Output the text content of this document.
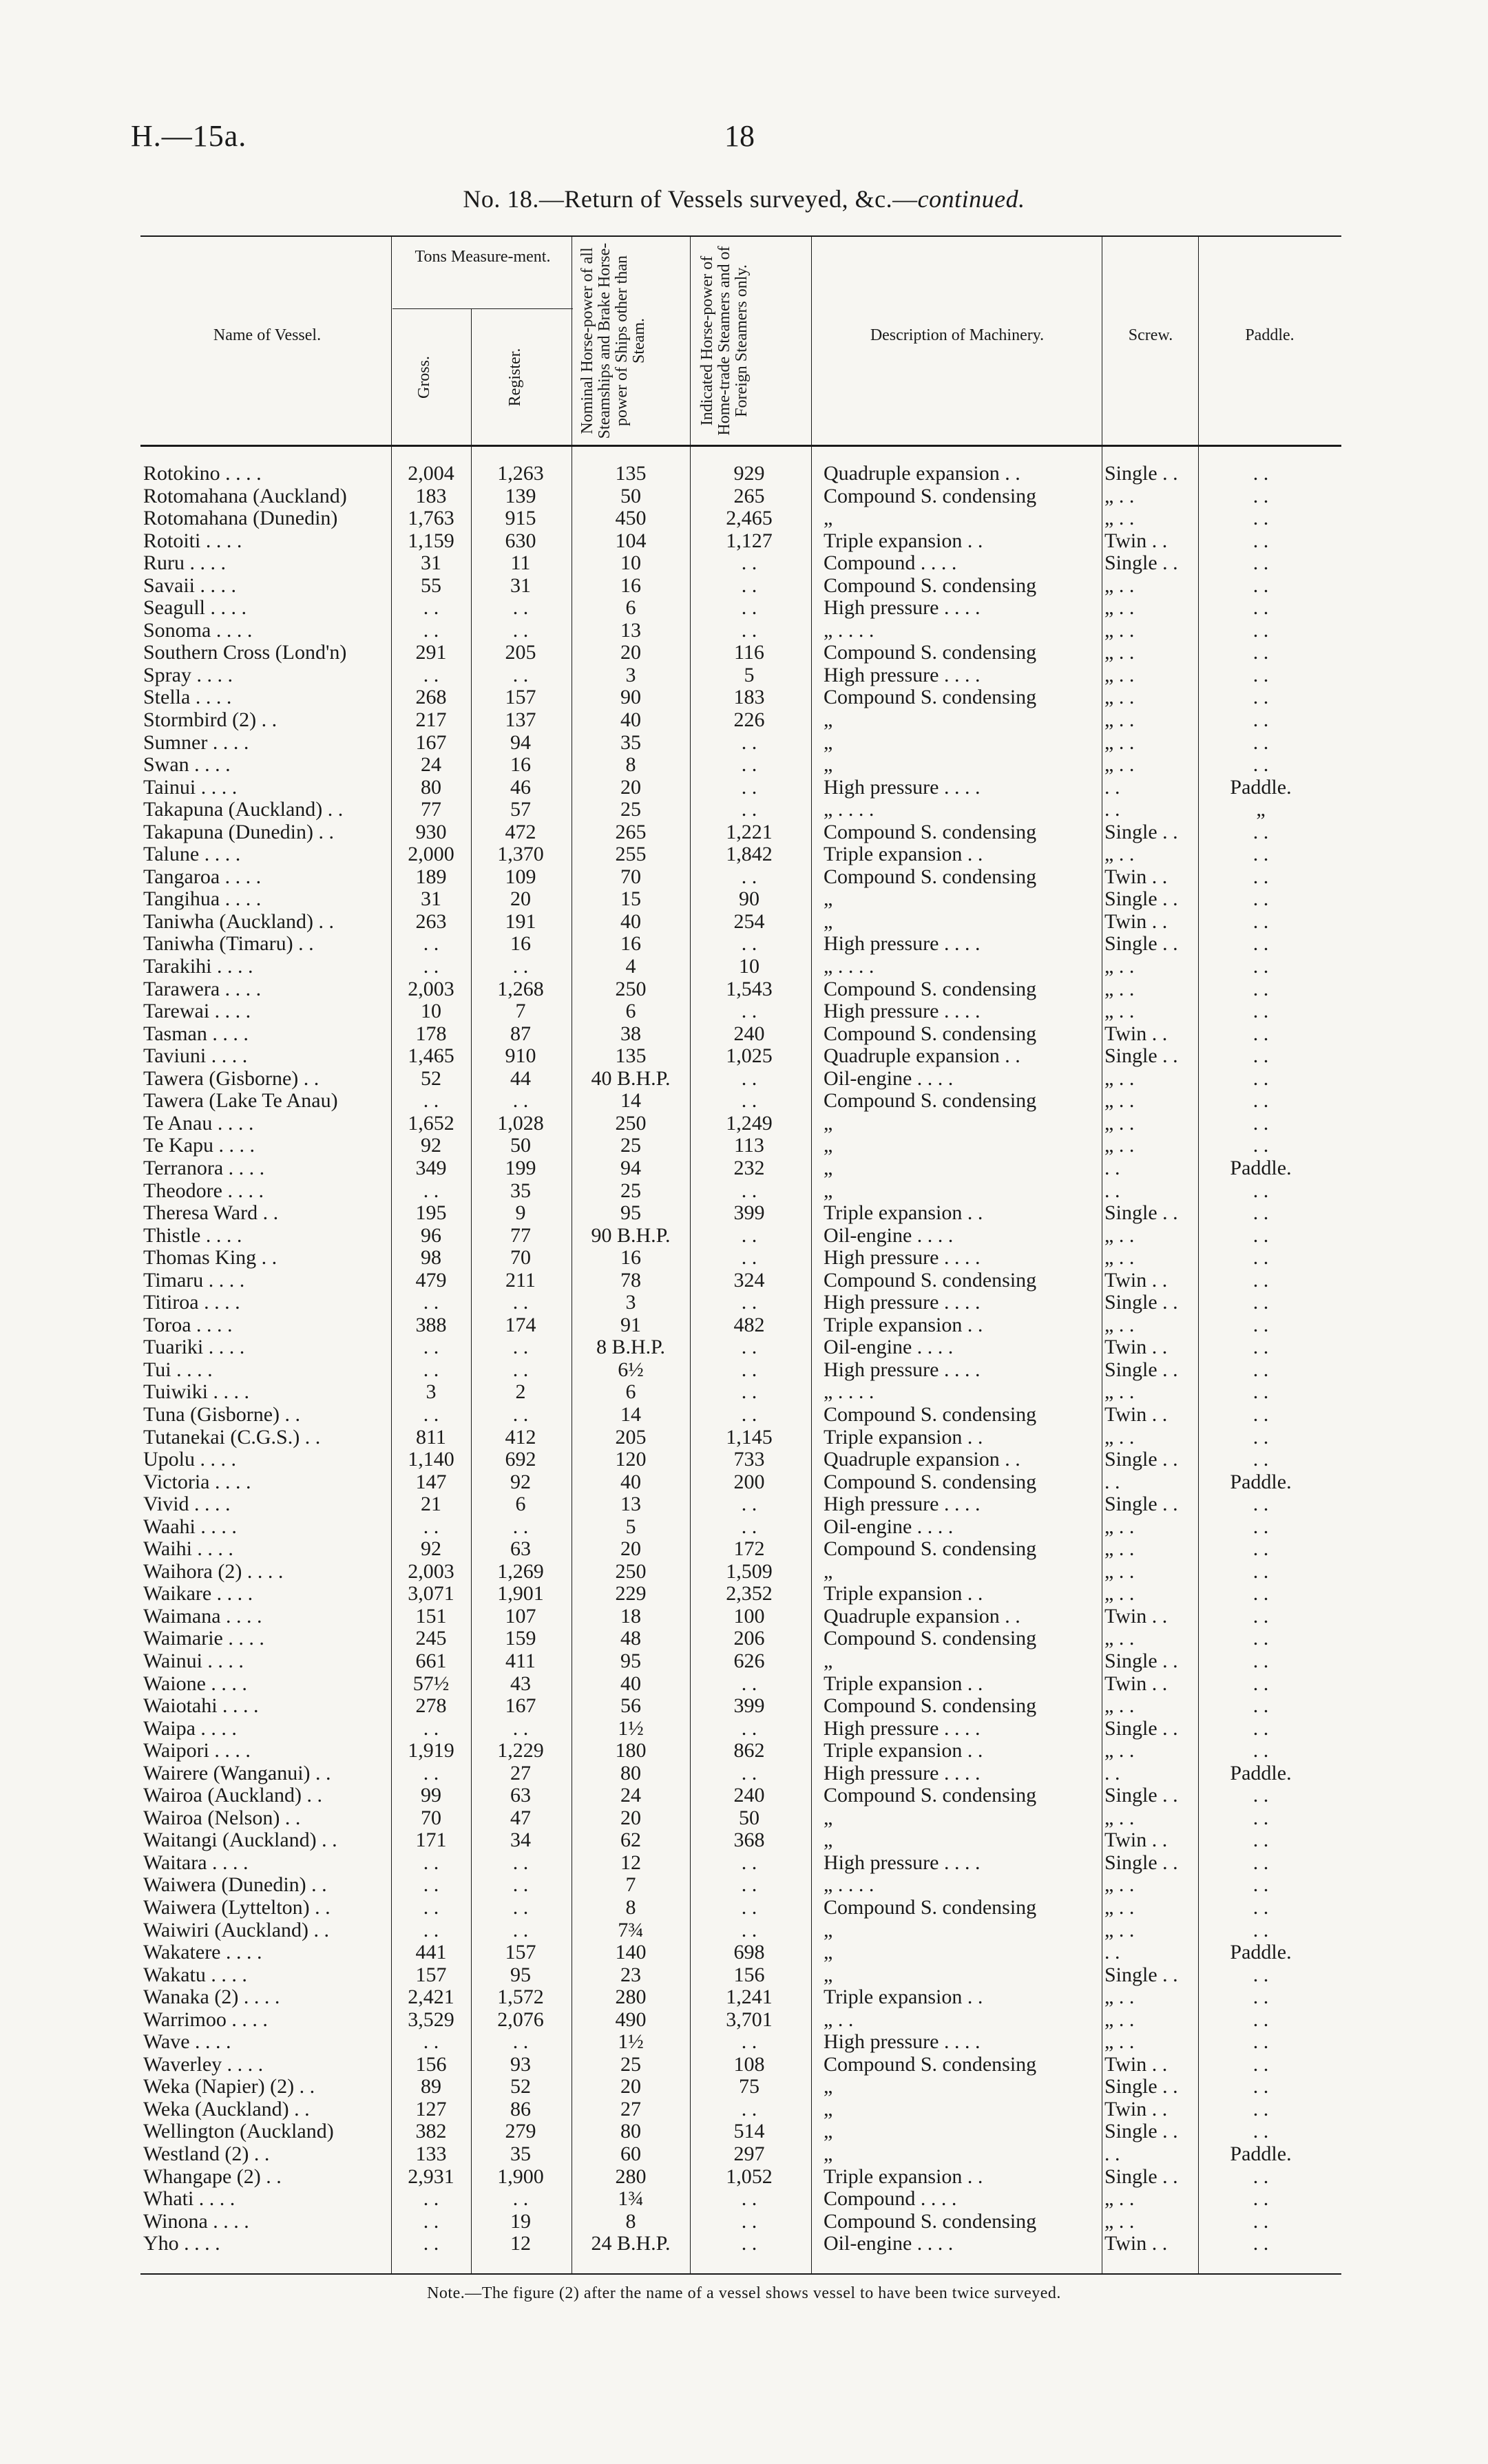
H.—15a.	18
No. 18.—Return of Vessels surveyed, &c.—continued.
Name of Vessel.
Tons Measure-ment.
Gross.	Register.	Nominal Horse-power of all Steamships and Brake Horse-power of Ships other than Steam.	Indicated Horse-power of Home-trade Steamers and of Foreign Steamers only.	Description of Machinery.	Screw.	Paddle.
Rotokino . . . .	2,004	1,263	135	929	Quadruple expansion . .	Single . .	. .
Rotomahana (Auckland)	183	139	50	265	Compound S. condensing	„ . .	. .
Rotomahana (Dunedin)	1,763	915	450	2,465	„	„ . .	. .
Rotoiti . . . .	1,159	630	104	1,127	Triple expansion . .	Twin . .	. .
Ruru . . . .	31	11	10	. .	Compound . . . .	Single . .	. .
Savaii . . . .	55	31	16	. .	Compound S. condensing	„ . .	. .
Seagull . . . .	. .	. .	6	. .	High pressure . . . .	„ . .	. .
Sonoma . . . .	. .	. .	13	. .	„ . . . .	„ . .	. .
Southern Cross (Lond'n)	291	205	20	116	Compound S. condensing	„ . .	. .
Spray . . . .	. .	. .	3	5	High pressure . . . .	„ . .	. .
Stella . . . .	268	157	90	183	Compound S. condensing	„ . .	. .
Stormbird (2) . .	217	137	40	226	„	„ . .	. .
Sumner . . . .	167	94	35	. .	„	„ . .	. .
Swan . . . .	24	16	8	. .	„	„ . .	. .
Tainui . . . .	80	46	20	. .	High pressure . . . .	. .	Paddle.
Takapuna (Auckland) . .	77	57	25	. .	„ . . . .	. .	„
Takapuna (Dunedin) . .	930	472	265	1,221	Compound S. condensing	Single . .	. .
Talune . . . .	2,000	1,370	255	1,842	Triple expansion . .	„ . .	. .
Tangaroa . . . .	189	109	70	. .	Compound S. condensing	Twin . .	. .
Tangihua . . . .	31	20	15	90	„	Single . .	. .
Taniwha (Auckland) . .	263	191	40	254	„	Twin . .	. .
Taniwha (Timaru) . .	. .	16	16	. .	High pressure . . . .	Single . .	. .
Tarakihi . . . .	. .	. .	4	10	„ . . . .	„ . .	. .
Tarawera . . . .	2,003	1,268	250	1,543	Compound S. condensing	„ . .	. .
Tarewai . . . .	10	7	6	. .	High pressure . . . .	„ . .	. .
Tasman . . . .	178	87	38	240	Compound S. condensing	Twin . .	. .
Taviuni . . . .	1,465	910	135	1,025	Quadruple expansion . .	Single . .	. .
Tawera (Gisborne) . .	52	44	40 B.H.P.	. .	Oil-engine . . . .	„ . .	. .
Tawera (Lake Te Anau)	. .	. .	14	. .	Compound S. condensing	„ . .	. .
Te Anau . . . .	1,652	1,028	250	1,249	„	„ . .	. .
Te Kapu . . . .	92	50	25	113	„	„ . .	. .
Terranora . . . .	349	199	94	232	„	. .	Paddle.
Theodore . . . .	. .	35	25	. .	„	. .	. .
Theresa Ward . .	195	9	95	399	Triple expansion . .	Single . .	. .
Thistle . . . .	96	77	90 B.H.P.	. .	Oil-engine . . . .	„ . .	. .
Thomas King . .	98	70	16	. .	High pressure . . . .	„ . .	. .
Timaru . . . .	479	211	78	324	Compound S. condensing	Twin . .	. .
Titiroa . . . .	. .	. .	3	. .	High pressure . . . .	Single . .	. .
Toroa . . . .	388	174	91	482	Triple expansion . .	„ . .	. .
Tuariki . . . .	. .	. .	8 B.H.P.	. .	Oil-engine . . . .	Twin . .	. .
Tui . . . .	. .	. .	6½	. .	High pressure . . . .	Single . .	. .
Tuiwiki . . . .	3	2	6	. .	„ . . . .	„ . .	. .
Tuna (Gisborne) . .	. .	. .	14	. .	Compound S. condensing	Twin . .	. .
Tutanekai (C.G.S.) . .	811	412	205	1,145	Triple expansion . .	„ . .	. .
Upolu . . . .	1,140	692	120	733	Quadruple expansion . .	Single . .	. .
Victoria . . . .	147	92	40	200	Compound S. condensing	. .	Paddle.
Vivid . . . .	21	6	13	. .	High pressure . . . .	Single . .	. .
Waahi . . . .	. .	. .	5	. .	Oil-engine . . . .	„ . .	. .
Waihi . . . .	92	63	20	172	Compound S. condensing	„ . .	. .
Waihora (2) . . . .	2,003	1,269	250	1,509	„	„ . .	. .
Waikare . . . .	3,071	1,901	229	2,352	Triple expansion . .	„ . .	. .
Waimana . . . .	151	107	18	100	Quadruple expansion . .	Twin . .	. .
Waimarie . . . .	245	159	48	206	Compound S. condensing	„ . .	. .
Wainui . . . .	661	411	95	626	„	Single . .	. .
Waione . . . .	57½	43	40	. .	Triple expansion . .	Twin . .	. .
Waiotahi . . . .	278	167	56	399	Compound S. condensing	„ . .	. .
Waipa . . . .	. .	. .	1½	. .	High pressure . . . .	Single . .	. .
Waipori . . . .	1,919	1,229	180	862	Triple expansion . .	„ . .	. .
Wairere (Wanganui) . .	. .	27	80	. .	High pressure . . . .	. .	Paddle.
Wairoa (Auckland) . .	99	63	24	240	Compound S. condensing	Single . .	. .
Wairoa (Nelson) . .	70	47	20	50	„	„ . .	. .
Waitangi (Auckland) . .	171	34	62	368	„	Twin . .	. .
Waitara . . . .	. .	. .	12	. .	High pressure . . . .	Single . .	. .
Waiwera (Dunedin) . .	. .	. .	7	. .	„ . . . .	„ . .	. .
Waiwera (Lyttelton) . .	. .	. .	8	. .	Compound S. condensing	„ . .	. .
Waiwiri (Auckland) . .	. .	. .	7¾	. .	„	„ . .	. .
Wakatere . . . .	441	157	140	698	„	. .	Paddle.
Wakatu . . . .	157	95	23	156	„	Single . .	. .
Wanaka (2) . . . .	2,421	1,572	280	1,241	Triple expansion . .	„ . .	. .
Warrimoo . . . .	3,529	2,076	490	3,701	„ . .	„ . .	. .
Wave . . . .	. .	. .	1½	. .	High pressure . . . .	„ . .	. .
Waverley . . . .	156	93	25	108	Compound S. condensing	Twin . .	. .
Weka (Napier) (2) . .	89	52	20	75	„	Single . .	. .
Weka (Auckland) . .	127	86	27	. .	„	Twin . .	. .
Wellington (Auckland)	382	279	80	514	„	Single . .	. .
Westland (2) . .	133	35	60	297	„	. .	Paddle.
Whangape (2) . .	2,931	1,900	280	1,052	Triple expansion . .	Single . .	. .
Whati . . . .	. .	. .	1¾	. .	Compound . . . .	„ . .	. .
Winona . . . .	. .	19	8	. .	Compound S. condensing	„ . .	. .
Yho . . . .	. .	12	24 B.H.P.	. .	Oil-engine . . . .	Twin . .	. .
Note.—The figure (2) after the name of a vessel shows vessel to have been twice surveyed.
